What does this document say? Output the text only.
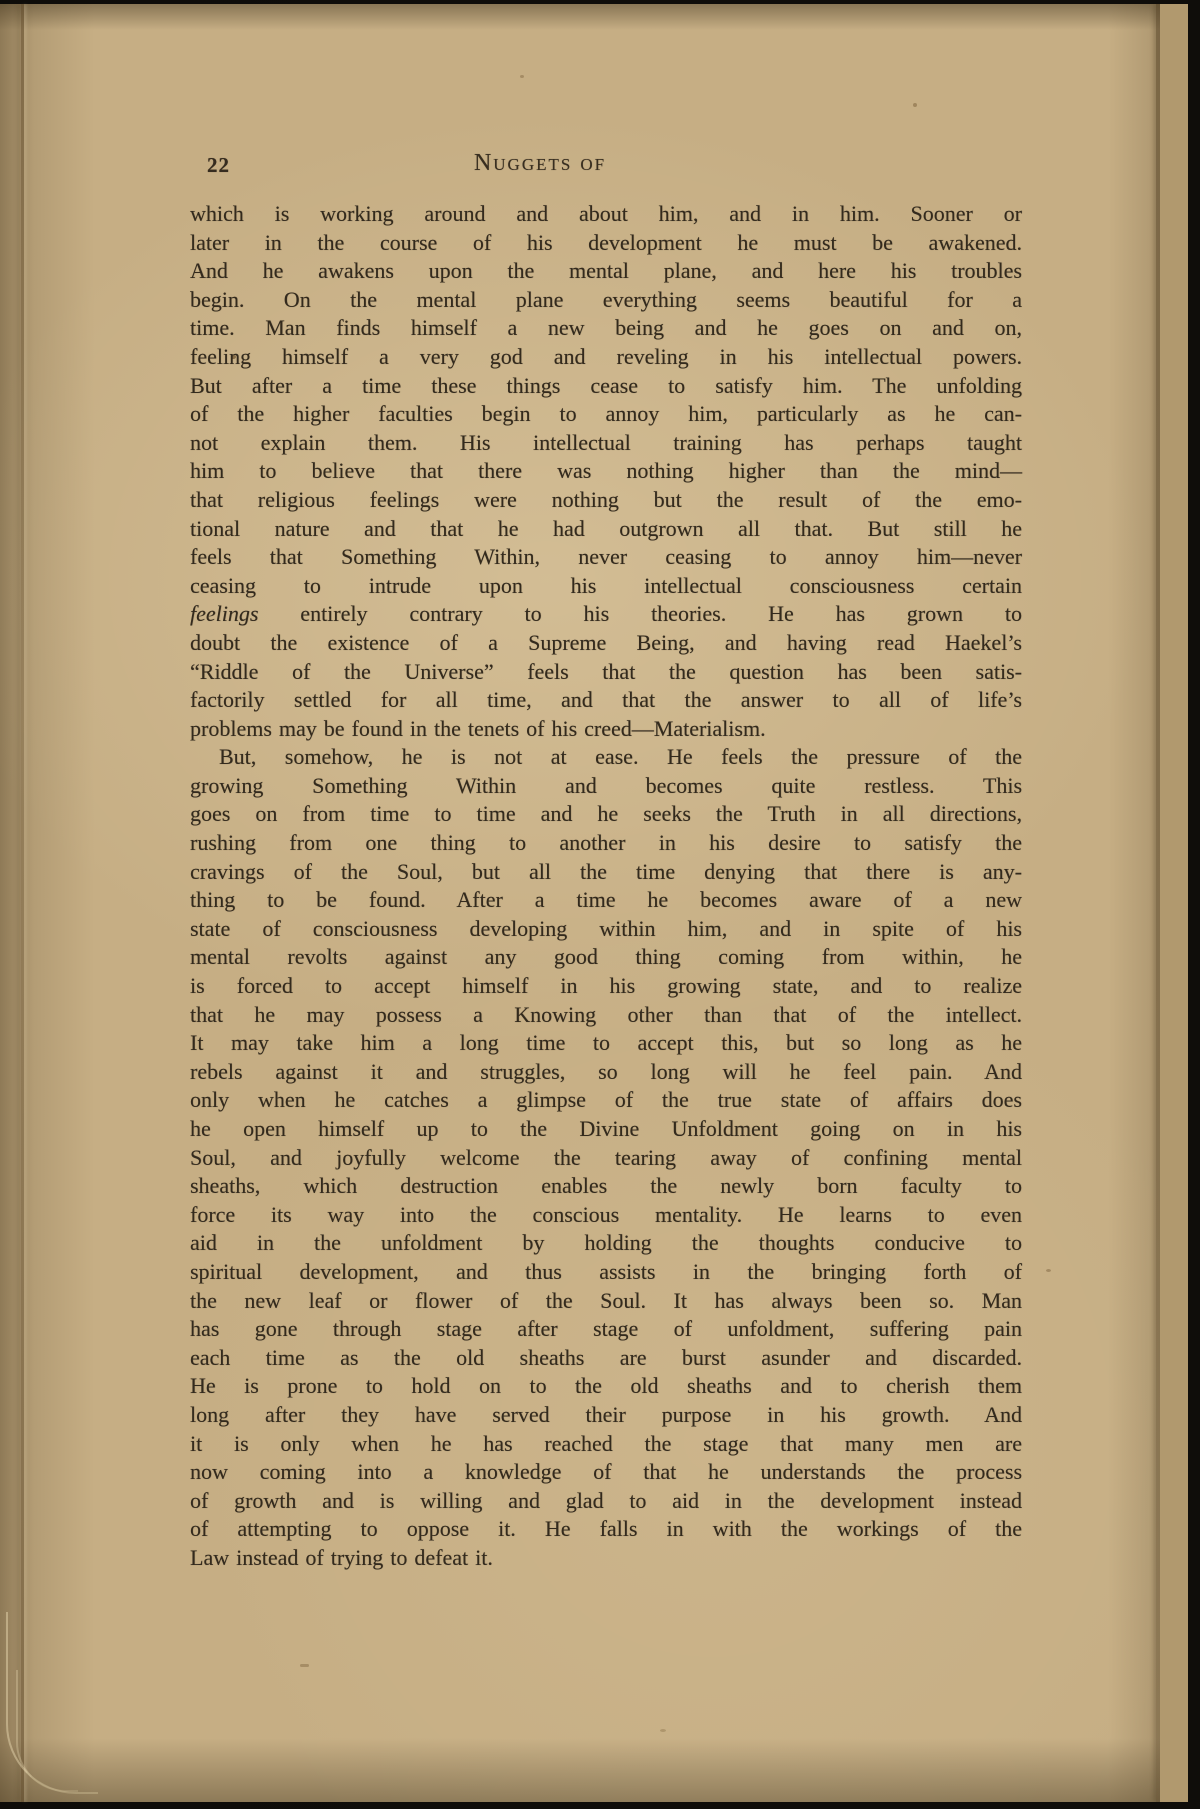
22	Nuggets of
which is working around and about him, and in him. Sooner or
later in the course of his development he must be awakened.
And he awakens upon the mental plane, and here his troubles
begin. On the mental plane everything seems beautiful for a
time. Man finds himself a new being and he goes on and on,
feeling himself a very god and reveling in his intellectual powers.
But after a time these things cease to satisfy him. The unfolding
of the higher faculties begin to annoy him, particularly as he can-
not explain them. His intellectual training has perhaps taught
him to believe that there was nothing higher than the mind—
that religious feelings were nothing but the result of the emo-
tional nature and that he had outgrown all that. But still he
feels that Something Within, never ceasing to annoy him—never
ceasing to intrude upon his intellectual consciousness certain
feelings entirely contrary to his theories. He has grown to
doubt the existence of a Supreme Being, and having read Haekel’s
“Riddle of the Universe” feels that the question has been satis-
factorily settled for all time, and that the answer to all of life’s
problems may be found in the tenets of his creed—Materialism.
But, somehow, he is not at ease. He feels the pressure of the
growing Something Within and becomes quite restless. This
goes on from time to time and he seeks the Truth in all directions,
rushing from one thing to another in his desire to satisfy the
cravings of the Soul, but all the time denying that there is any-
thing to be found. After a time he becomes aware of a new
state of consciousness developing within him, and in spite of his
mental revolts against any good thing coming from within, he
is forced to accept himself in his growing state, and to realize
that he may possess a Knowing other than that of the intellect.
It may take him a long time to accept this, but so long as he
rebels against it and struggles, so long will he feel pain. And
only when he catches a glimpse of the true state of affairs does
he open himself up to the Divine Unfoldment going on in his
Soul, and joyfully welcome the tearing away of confining mental
sheaths, which destruction enables the newly born faculty to
force its way into the conscious mentality. He learns to even
aid in the unfoldment by holding the thoughts conducive to
spiritual development, and thus assists in the bringing forth of
the new leaf or flower of the Soul. It has always been so. Man
has gone through stage after stage of unfoldment, suffering pain
each time as the old sheaths are burst asunder and discarded.
He is prone to hold on to the old sheaths and to cherish them
long after they have served their purpose in his growth. And
it is only when he has reached the stage that many men are
now coming into a knowledge of that he understands the process
of growth and is willing and glad to aid in the development instead
of attempting to oppose it. He falls in with the workings of the
Law instead of trying to defeat it.
